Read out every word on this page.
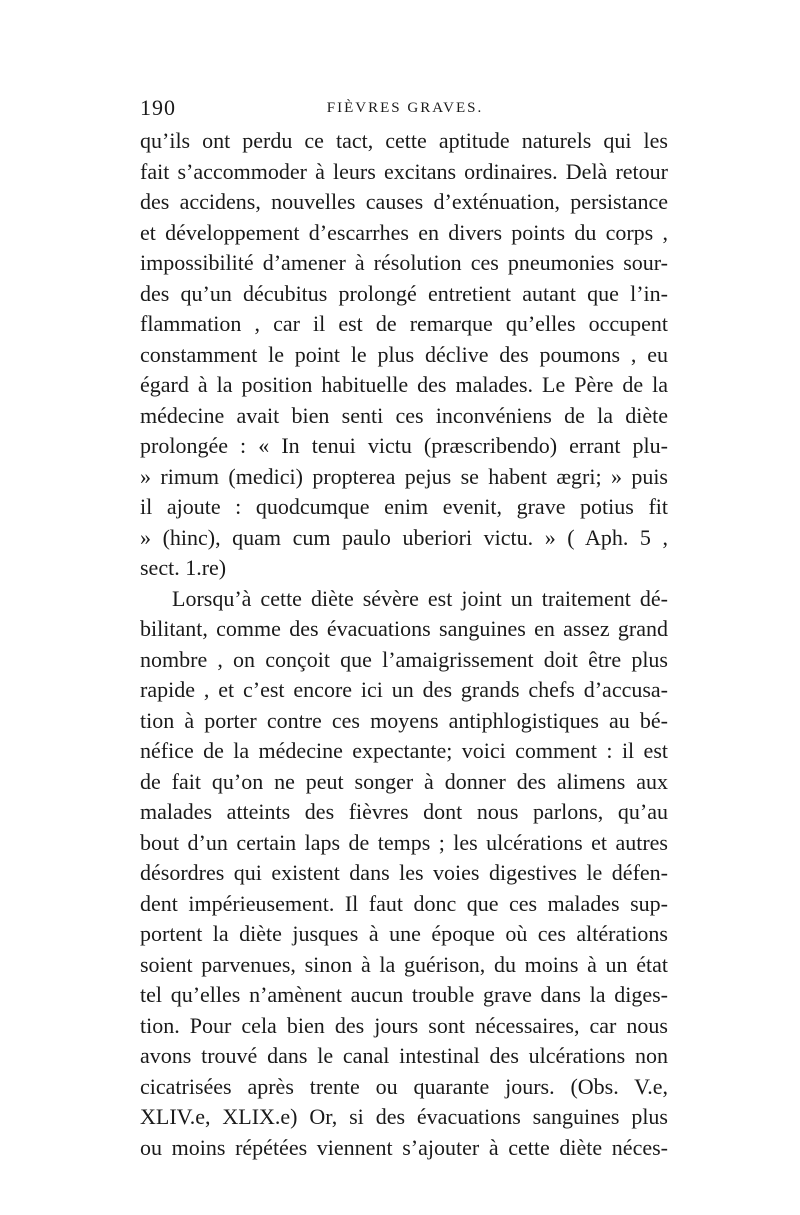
190	FIÈVRES GRAVES.
qu’ils ont perdu ce tact, cette aptitude naturels qui les
fait s’accommoder à leurs excitans ordinaires. Delà retour
des accidens, nouvelles causes d’exténuation, persistance
et développement d’escarrhes en divers points du corps ,
impossibilité d’amener à résolution ces pneumonies sour-
des qu’un décubitus prolongé entretient autant que l’in-
flammation , car il est de remarque qu’elles occupent
constamment le point le plus déclive des poumons , eu
égard à la position habituelle des malades. Le Père de la
médecine avait bien senti ces inconvéniens de la diète
prolongée : « In tenui victu (præscribendo) errant plu-
» rimum (medici) propterea pejus se habent ægri; » puis
il ajoute : quodcumque enim evenit, grave potius fit
» (hinc), quam cum paulo uberiori victu. » ( Aph. 5 ,
sect. 1.re)
Lorsqu’à cette diète sévère est joint un traitement dé-
bilitant, comme des évacuations sanguines en assez grand
nombre , on conçoit que l’amaigrissement doit être plus
rapide , et c’est encore ici un des grands chefs d’accusa-
tion à porter contre ces moyens antiphlogistiques au bé-
néfice de la médecine expectante; voici comment : il est
de fait qu’on ne peut songer à donner des alimens aux
malades atteints des fièvres dont nous parlons, qu’au
bout d’un certain laps de temps ; les ulcérations et autres
désordres qui existent dans les voies digestives le défen-
dent impérieusement. Il faut donc que ces malades sup-
portent la diète jusques à une époque où ces altérations
soient parvenues, sinon à la guérison, du moins à un état
tel qu’elles n’amènent aucun trouble grave dans la diges-
tion. Pour cela bien des jours sont nécessaires, car nous
avons trouvé dans le canal intestinal des ulcérations non
cicatrisées après trente ou quarante jours. (Obs. V.e,
XLIV.e, XLIX.e) Or, si des évacuations sanguines plus
ou moins répétées viennent s’ajouter à cette diète néces-
